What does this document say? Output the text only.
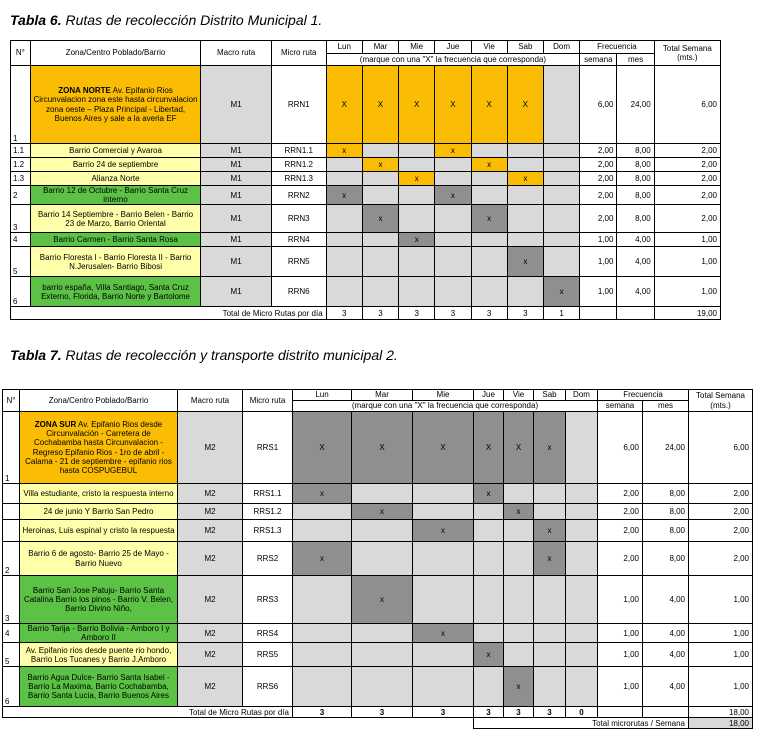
Tabla 6. Rutas de recolección Distrito Municipal 1.
N°	Zona/Centro Poblado/Barrio	Macro ruta	Micro ruta	Lun	Mar	Mie	Jue	Vie	Sab	Dom	Frecuencia		Total Semana (mts.)
				(marque con una "X" la frecuencia que corresponda)							semana	mes	
1	ZONA NORTE Av. Epifanio Rios Circunvalacion zona este hasta circunvalacion zona oeste – Plaza Principal - Libertad, Buenos Aires y sale a la averia EF	M1	RRN1	X	X	X	X	X	X		6,00	24,00	6,00
1.1	Barrio Comercial y Avaroa	M1	RRN1.1	x			x				2,00	8,00	2,00
1.2	Barrio 24 de septiembre	M1	RRN1.2		x			x			2,00	8,00	2,00
1.3	Alianza Norte	M1	RRN1.3			x			x		2,00	8,00	2,00
2	Barrio 12 de Octubre - Barrio Santa Cruz interno	M1	RRN2	x			x				2,00	8,00	2,00
3	Barrio 14 Septiembre - Barrio Belen - Barrio 23 de Marzo, Barrio Oriental	M1	RRN3		x			x			2,00	8,00	2,00
4	Barrio Carmen - Barrio Santa Rosa	M1	RRN4			x					1,00	4,00	1,00
5	Barrio Floresta I - Barrio Floresta II - Barrio N.Jerusalen- Barrio Bibosi	M1	RRN5						x		1,00	4,00	1,00
6	barrio españa, Villa Santiago, Santa Cruz Externo, Florida, Barrio Norte y Bartolome	M1	RRN6							x	1,00	4,00	1,00
Total de Micro Rutas por día				3	3	3	3	3	3	1			19,00
Tabla 7. Rutas de recolección y transporte distrito municipal 2.
N°	Zona/Centro Poblado/Barrio	Macro ruta	Micro ruta	Lun	Mar	Mie	Jue	Vie	Sab	Dom	Frecuencia		Total Semana (mts.)
				(marque con una "X" la frecuencia que corresponda)							semana	mes	
1	ZONA SUR Av. Epifanio Rios desde Circunvalación - Carretera de Cochabamba hasta Circunvalacion -Regreso Epifanio Rios - 1ro de abril - Calama - 21 de septiembre - epifanio rios hasta COSPUGEBUL	M2	RRS1	X	X	X	X	X	x		6,00	24,00	6,00
	Villa estudiante, cristo la respuesta interno	M2	RRS1.1	x			x				2,00	8,00	2,00
	24 de junio Y Barrio San Pedro	M2	RRS1.2		x			x			2,00	8,00	2,00
	Heroinas, Luis espinal y cristo la respuesta	M2	RRS1.3			x			x		2,00	8,00	2,00
2	Barrio 6 de agosto- Barrio 25 de Mayo - Barrio Nuevo	M2	RRS2	x					x		2,00	8,00	2,00
3	Barrio San Jose Patuju- Barrio Santa Catalina Barrio los pinos - Barrio V. Belen, Barrio Divino Niño,	M2	RRS3		x						1,00	4,00	1,00
4	Barrio Tarija - Barrio Bolivia - Amboro I y Amboro II	M2	RRS4			x					1,00	4,00	1,00
5	Av. Epifanio rios desde puente rio hondo, Barrio Los Tucanes y Barrio J.Amboro	M2	RRS5				x				1,00	4,00	1,00
6	Barrio Agua Dulce- Barrio Santa Isabel - Barrio La Maxima, Barrio Cochabamba, Barrio Santa Lucia, Barrio Buenos Aires	M2	RRS6					x			1,00	4,00	1,00
Total de Micro Rutas por día				3	3	3	3	3	3	0			18,00
							Total microrutas / Semana						18,00
